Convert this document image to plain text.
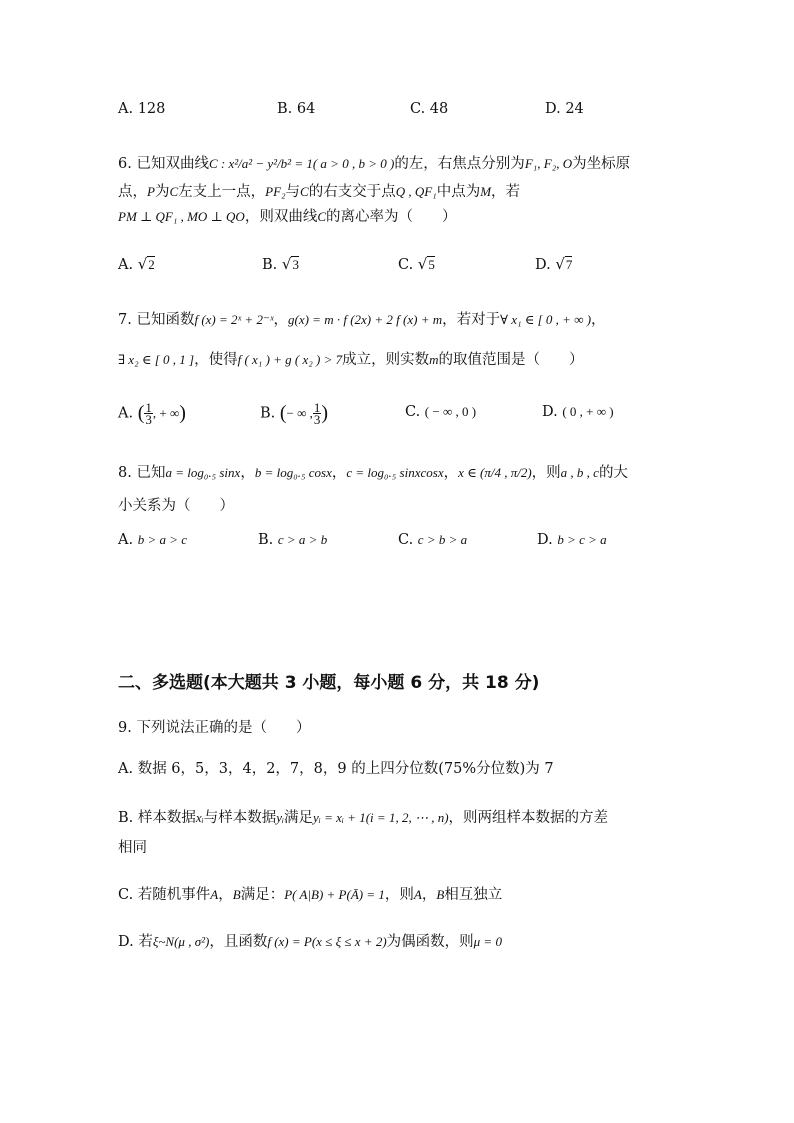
A. 128	B. 64	C. 48	D. 24
6. 已知双曲线C : x²/a² − y²/b² = 1( a > 0 , b > 0 )的左，右焦点分别为F₁, F₂, O为坐标原
点，P为C左支上一点，PF₂与C的右支交于点Q , QF₁中点为M，若
PM ⊥ QF₁ , MO ⊥ QO，则双曲线C的离心率为（　　）
A. √2	B. √3	C. √5	D. √7
7. 已知函数f (x) = 2ˣ + 2⁻ˣ，g(x) = m · f (2x) + 2 f (x) + m，若对于∀ x₁ ∈ [ 0 , + ∞ )，
∃ x₂ ∈ [ 0 , 1 ]，使得f ( x₁ ) + g ( x₂ ) > 7成立，则实数m的取值范围是（　　）
A. ( $\frac{1}{3}$ , + ∞)	B. (− ∞ , $\frac{1}{3}$ )	C. ( − ∞ , 0 )	D. ( 0 , + ∞ )
8. 已知a = log₀.₅ sinx，b = log₀.₅ cosx，c = log₀.₅ sinxcosx，x ∈ (π/4 , π/2)，则a , b , c的大
小关系为（　　）
A. b > a > c	B. c > a > b	C. c > b > a	D. b > c > a
二、多选题(本大题共 3 小题，每小题 6 分，共 18 分)
9. 下列说法正确的是（　　）
A. 数据 6，5，3，4，2，7，8，9 的上四分位数(75%分位数)为 7
B. 样本数据xᵢ与样本数据yᵢ满足yᵢ = xᵢ + 1(i = 1, 2, ⋯ , n)，则两组样本数据的方差
相同
C. 若随机事件A，B满足：P( A|B) + P(Ā) = 1，则A，B相互独立
D. 若ξ~N(μ , σ²)，且函数f (x) = P(x ≤ ξ ≤ x + 2)为偶函数，则μ = 0
